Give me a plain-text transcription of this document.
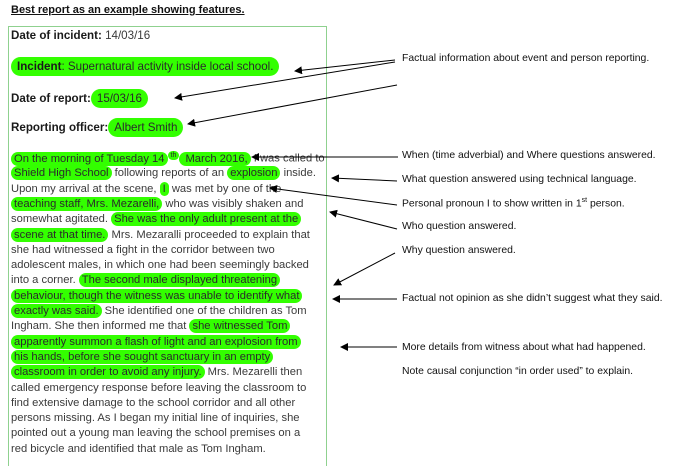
Best report as an example showing features.
Date of incident: 14/03/16
Incident: Supernatural activity inside local school.
Date of report: 15/03/16
Reporting officer: Albert Smith
On the morning of Tuesday 14 $^{th}$ March 2016, I was called to
Shield High School following reports of an explosion inside.
Upon my arrival at the scene, I was met by one of the
teaching staff, Mrs. Mezarelli, who was visibly shaken and
somewhat agitated. She was the only adult present at the
scene at that time. Mrs. Mezaralli proceeded to explain that
she had witnessed a fight in the corridor between two
adolescent males, in which one had been seemingly backed
into a corner. The second male displayed threatening
behaviour, though the witness was unable to identify what
exactly was said. She identified one of the children as Tom
Ingham. She then informed me that she witnessed Tom
apparently summon a flash of light and an explosion from
his hands, before she sought sanctuary in an empty
classroom in order to avoid any injury. Mrs. Mezarelli then
called emergency response before leaving the classroom to
find extensive damage to the school corridor and all other
persons missing. As I began my initial line of inquiries, she
pointed out a young man leaving the school premises on a
red bicycle and identified that male as Tom Ingham.
Factual information about event and person reporting.
When (time adverbial) and Where questions answered.
What question answered using technical language.
Personal pronoun I to show written in 1st person.
Who question answered.
Why question answered.
Factual not opinion as she didn’t suggest what they said.
More details from witness about what had happened.
Note causal conjunction “in order used” to explain.
